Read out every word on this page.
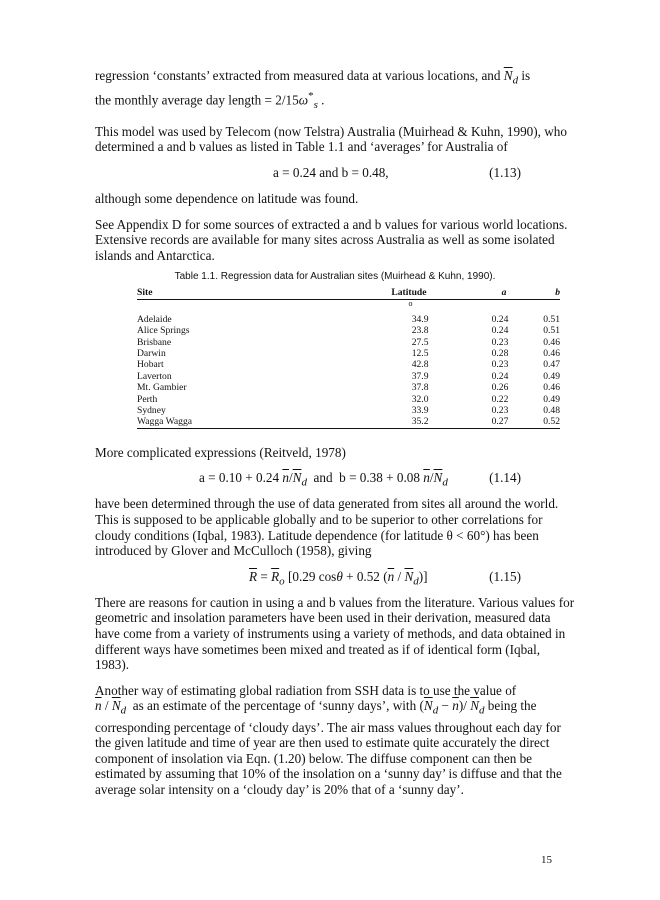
regression ‘constants’ extracted from measured data at various locations, and $\overline{N}_d$ is
the monthly average day length = $2/15\omega^*_s$ .

This model was used by Telecom (now Telstra) Australia (Muirhead & Kuhn, 1990), who determined a and b values as listed in Table 1.1 and ‘averages’ for Australia of

a = 0.24 and b = 0.48,	(1.13)

although some dependence on latitude was found.

See Appendix D for some sources of extracted a and b values for various world locations. Extensive records are available for many sites across Australia as well as some isolated islands and Antarctica.

Table 1.1. Regression data for Australian sites (Muirhead & Kuhn, 1990).
Site	Latitude	a	b
	o		
Adelaide	34.9	0.24	0.51
Alice Springs	23.8	0.24	0.51
Brisbane	27.5	0.23	0.46
Darwin	12.5	0.28	0.46
Hobart	42.8	0.23	0.47
Laverton	37.9	0.24	0.49
Mt. Gambier	37.8	0.26	0.46
Perth	32.0	0.22	0.49
Sydney	33.9	0.23	0.48
Wagga Wagga	35.2	0.27	0.52

More complicated expressions (Reitveld, 1978)

a = 0.10 + 0.24 $\overline{n}/\overline{N}_d$  and  b = 0.38 + 0.08 $\overline{n}/\overline{N}_d$	(1.14)

have been determined through the use of data generated from sites all around the world. This is supposed to be applicable globally and to be superior to other correlations for cloudy conditions (Iqbal, 1983). Latitude dependence (for latitude θ < 60°) has been introduced by Glover and McCulloch (1958), giving

$\overline{R} = \overline{R}_o$ [0.29 cosθ + 0.52 $(\overline{n} / \overline{N}_d)$]	(1.15)

There are reasons for caution in using a and b values from the literature. Various values for geometric and insolation parameters have been used in their derivation, measured data have come from a variety of instruments using a variety of methods, and data obtained in different ways have sometimes been mixed and treated as if of identical form (Iqbal, 1983).

Another way of estimating global radiation from SSH data is to use the value of
$\overline{n} / \overline{N}_d$  as an estimate of the percentage of ‘sunny days’, with $(\overline{N}_d - \overline{n})/$ $\overline{N}_d$ being the corresponding percentage of ‘cloudy days’. The air mass values throughout each day for the given latitude and time of year are then used to estimate quite accurately the direct component of insolation via Eqn. (1.20) below. The diffuse component can then be estimated by assuming that 10% of the insolation on a ‘sunny day’ is diffuse and that the average solar intensity on a ‘cloudy day’ is 20% that of a ‘sunny day’.

15
